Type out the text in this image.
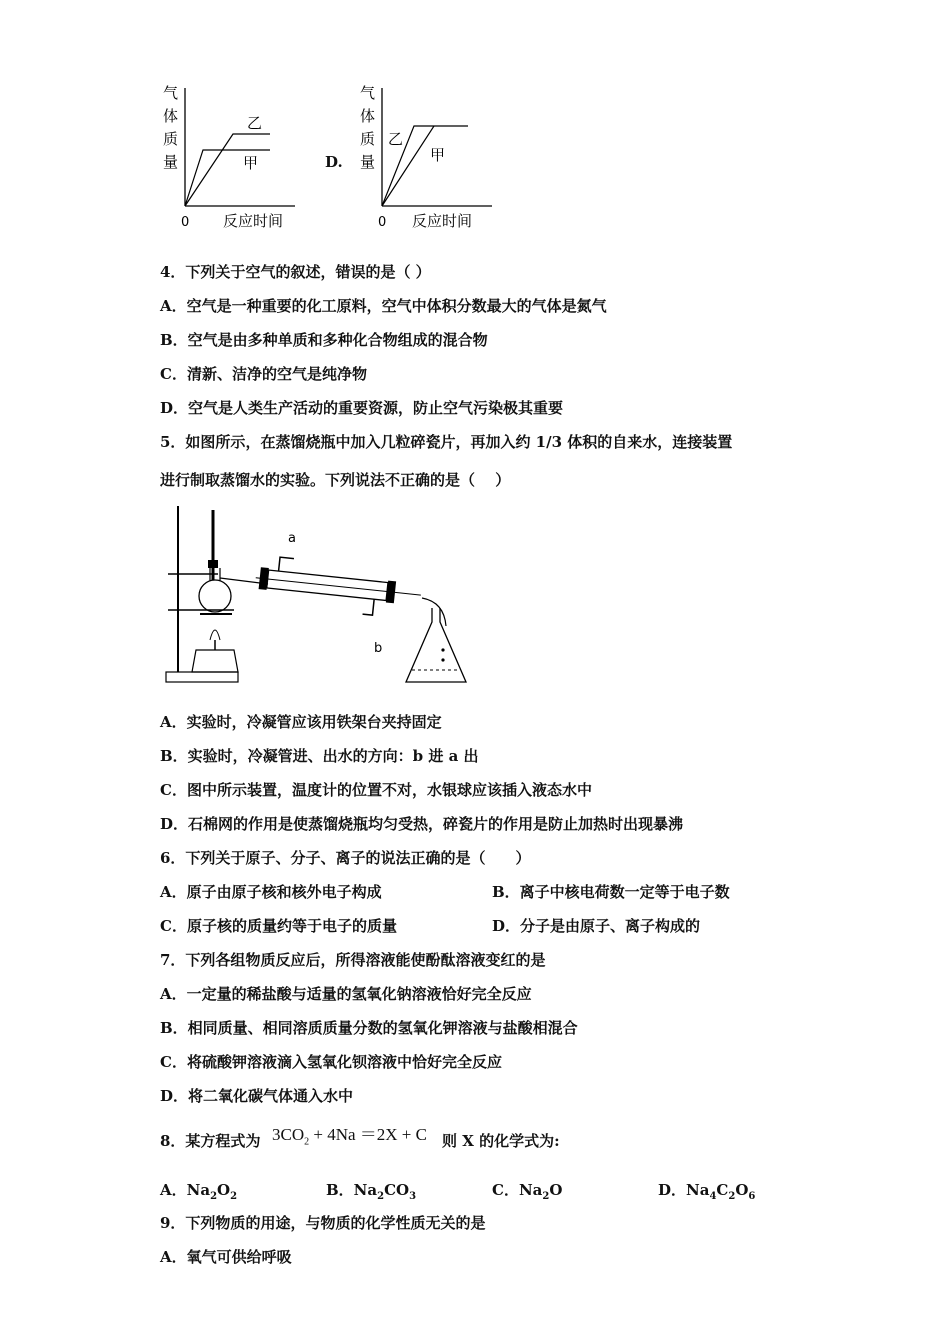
气
体
质
量
乙
甲
0 反应时间
D.
气
体
质
量
乙
甲
0 反应时间
4．下列关于空气的叙述，错误的是（ ）
A．空气是一种重要的化工原料，空气中体积分数最大的气体是氮气
B．空气是由多种单质和多种化合物组成的混合物
C．清新、洁净的空气是纯净物
D．空气是人类生产活动的重要资源，防止空气污染极其重要
5．如图所示，在蒸馏烧瓶中加入几粒碎瓷片，再加入约 1/3 体积的自来水，连接装置
进行制取蒸馏水的实验。下列说法不正确的是（　 ）
a
b
A．实验时，冷凝管应该用铁架台夹持固定
B．实验时，冷凝管进、出水的方向：b 进 a 出
C．图中所示装置，温度计的位置不对，水银球应该插入液态水中
D．石棉网的作用是使蒸馏烧瓶均匀受热，碎瓷片的作用是防止加热时出现暴沸
6．下列关于原子、分子、离子的说法正确的是（　　）
A．原子由原子核和核外电子构成	B．离子中核电荷数一定等于电子数
C．原子核的质量约等于电子的质量	D．分子是由原子、离子构成的
7．下列各组物质反应后，所得溶液能使酚酞溶液变红的是
A．一定量的稀盐酸与适量的氢氧化钠溶液恰好完全反应
B．相同质量、相同溶质质量分数的氢氧化钾溶液与盐酸相混合
C．将硫酸钾溶液滴入氢氧化钡溶液中恰好完全反应
D．将二氧化碳气体通入水中
8．某方程式为 $3CO_2 + 4Na =2X + C$ 则 X 的化学式为:
A．$Na_2O_2$	B．$Na_2CO_3$	C．$Na_2O$	D．$Na_4C_2O_6$
9．下列物质的用途，与物质的化学性质无关的是
A．氧气可供给呼吸
